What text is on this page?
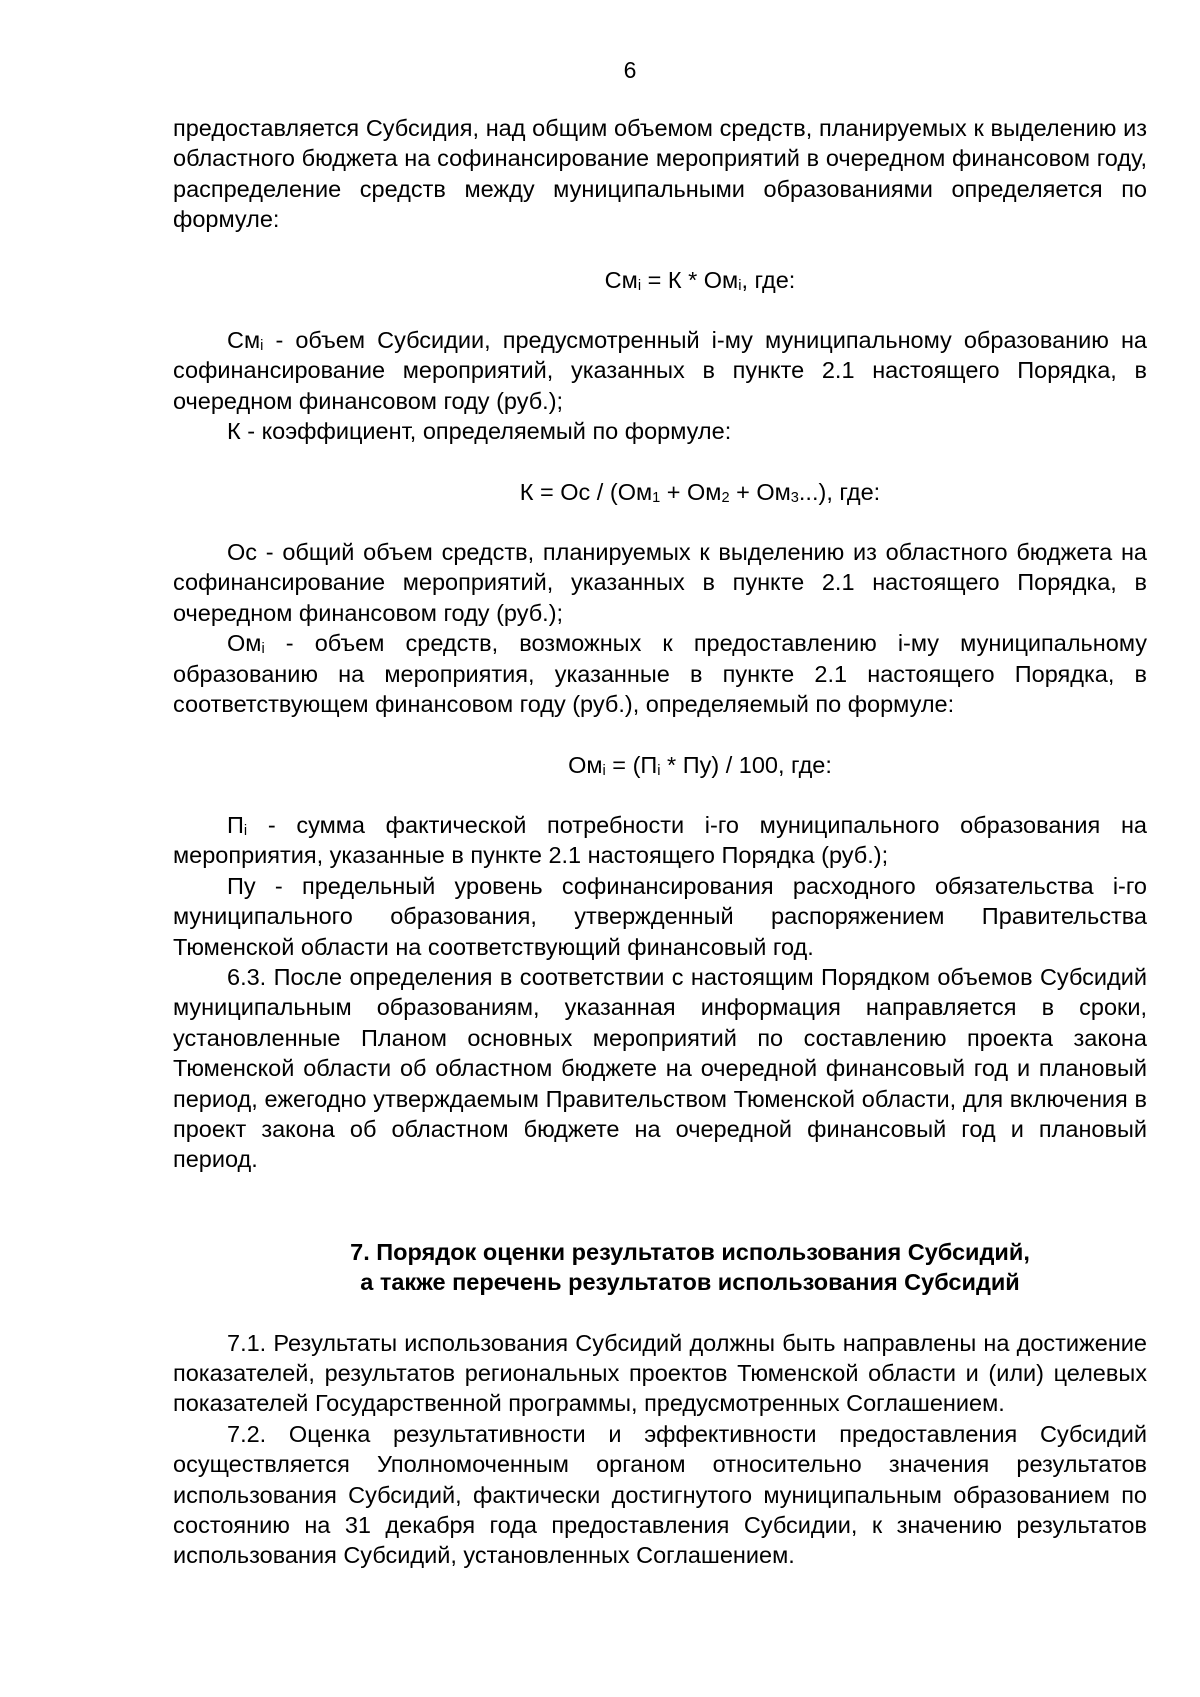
6

предоставляется Субсидия, над общим объемом средств, планируемых к выделению из областного бюджета на софинансирование мероприятий в очередном финансовом году, распределение средств между муниципальными образованиями определяется по формуле:

$См_i = К * Ом_i$, где:

$См_i$ - объем Субсидии, предусмотренный i-му муниципальному образованию на софинансирование мероприятий, указанных в пункте 2.1 настоящего Порядка, в очередном финансовом году (руб.);

К - коэффициент, определяемый по формуле:

К = Ос / $(Ом_1 + Ом_2 + Ом_3...)$, где:

Ос - общий объем средств, планируемых к выделению из областного бюджета на софинансирование мероприятий, указанных в пункте 2.1 настоящего Порядка, в очередном финансовом году (руб.);

$Ом_i$ - объем средств, возможных к предоставлению i-му муниципальному образованию на мероприятия, указанные в пункте 2.1 настоящего Порядка, в соответствующем финансовом году (руб.), определяемый по формуле:

$Ом_i = (П_i * Пу) / 100$, где:

$П_i$ - сумма фактической потребности i-го муниципального образования на мероприятия, указанные в пункте 2.1 настоящего Порядка (руб.);

Пу - предельный уровень софинансирования расходного обязательства i-го муниципального образования, утвержденный распоряжением Правительства Тюменской области на соответствующий финансовый год.

6.3. После определения в соответствии с настоящим Порядком объемов Субсидий муниципальным образованиям, указанная информация направляется в сроки, установленные Планом основных мероприятий по составлению проекта закона Тюменской области об областном бюджете на очередной финансовый год и плановый период, ежегодно утверждаемым Правительством Тюменской области, для включения в проект закона об областном бюджете на очередной финансовый год и плановый период.

7. Порядок оценки результатов использования Субсидий,

а также перечень результатов использования Субсидий

7.1. Результаты использования Субсидий должны быть направлены на достижение показателей, результатов региональных проектов Тюменской области и (или) целевых показателей Государственной программы, предусмотренных Соглашением.

7.2. Оценка результативности и эффективности предоставления Субсидий осуществляется Уполномоченным органом относительно значения результатов использования Субсидий, фактически достигнутого муниципальным образованием по состоянию на 31 декабря года предоставления Субсидии, к значению результатов использования Субсидий, установленных Соглашением.
